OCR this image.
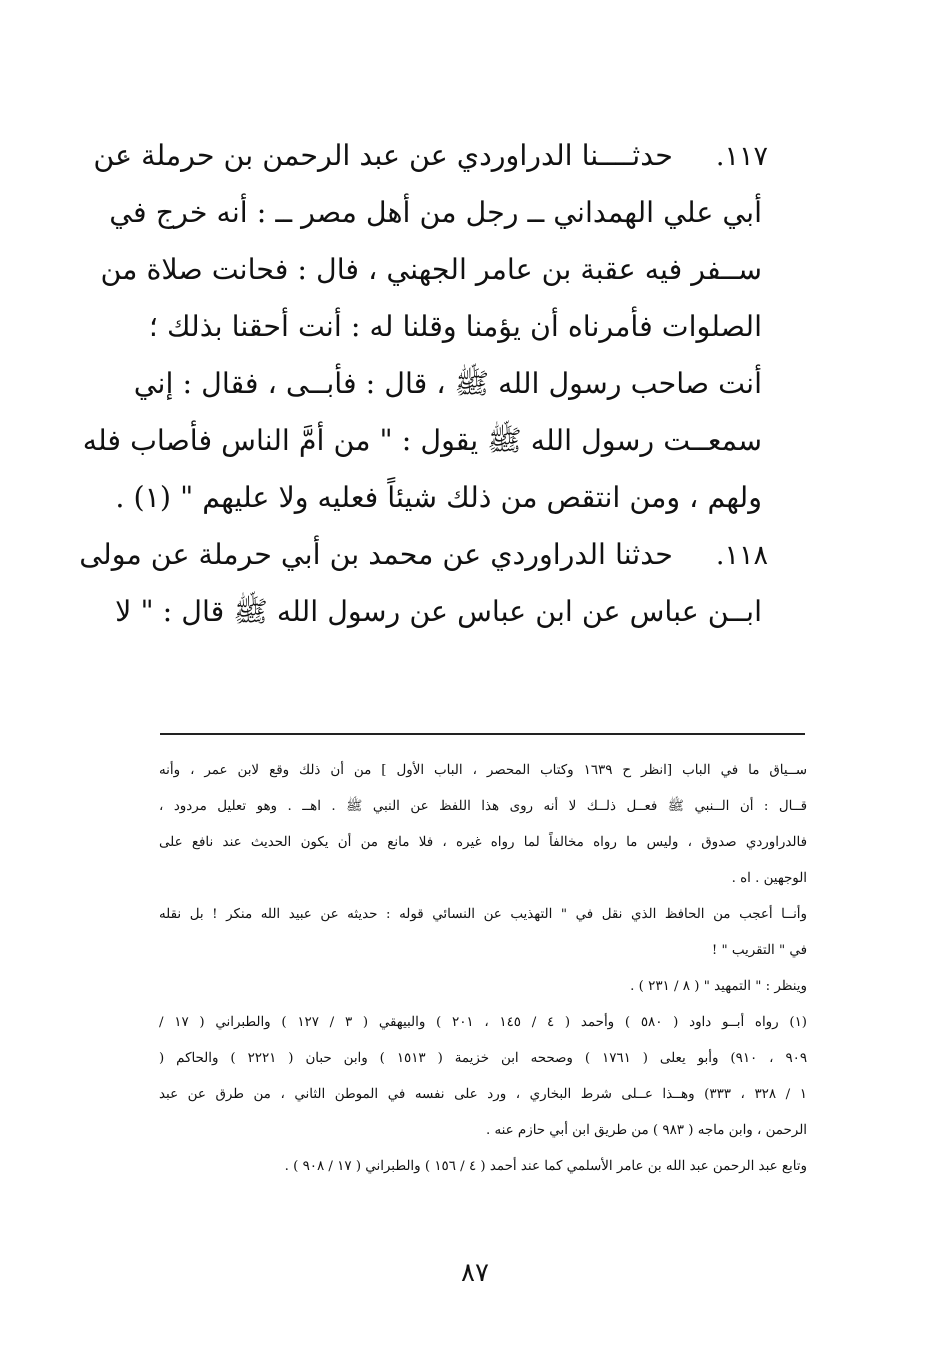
١١٧. حدثــــنا الدراوردي عن عبد الرحمن بن حرملة عن
أبي علي الهمداني ــ رجل من أهل مصر ــ : أنه خرج في
ســفر فيه عقبة بن عامر الجهني ، فال : فحانت صلاة من
الصلوات فأمرناه أن يؤمنا وقلنا له : أنت أحقنا بذلك ؛
أنت صاحب رسول الله ﷺ ، قال : فأبــى ، فقال : إني
سمعــت رسول الله ﷺ يقول : " من أمَّ الناس فأصاب فله
ولهم ، ومن انتقص من ذلك شيئاً فعليه ولا عليهم " (١) .
١١٨. حدثنا الدراوردي عن محمد بن أبي حرملة عن مولى
ابــن عباس عن ابن عباس عن رسول الله ﷺ قال : " لا
ســياق ما في الباب [انظر ح ١٦٣٩ وكتاب المحصر ، الباب الأول ] من أن ذلك وقع لابن عمر ، وأنه
قــال : أن الــنبي ﷺ فعــل ذلــك لا أنه روى هذا اللفظ عن النبي ﷺ . اهــ . وهو تعليل مردود ،
فالدراوردي صدوق ، وليس ما رواه مخالفاً لما رواه غيره ، فلا مانع من أن يكون الحديث عند نافع على
الوجهين . اه .
وأنــا أعجب من الحافظ الذي نقل في " التهذيب عن النسائي قوله : حديثه عن عبيد الله منكر ! بل نقله
في " التقريب " !
وينظر : " التمهيد " ( ٨ / ٢٣١ ) .
(١) رواه أبــو داود ( ٥٨٠ ) وأحمد ( ٤ / ١٤٥ ، ٢٠١ ) والبيهقي ( ٣ / ١٢٧ ) والطبراني ( ١٧ /
٩٠٩ ، ٩١٠) وأبو يعلى ( ١٧٦١ ) وصححه ابن خزيمة ( ١٥١٣ ) وابن حبان ( ٢٢٢١ ) والحاكم (
١ / ٣٢٨ ، ٣٣٣) وهــذا عــلى شرط البخاري ، ورد على نفسه في الموطن الثاني ، من طرق عن عبد
الرحمن ، وابن ماجه ( ٩٨٣ ) من طريق ابن أبي حازم عنه .
وتابع عبد الرحمن عبد الله بن عامر الأسلمي كما عند أحمد ( ٤ / ١٥٦ ) والطبراني ( ١٧ / ٩٠٨ ) .
٨٧
